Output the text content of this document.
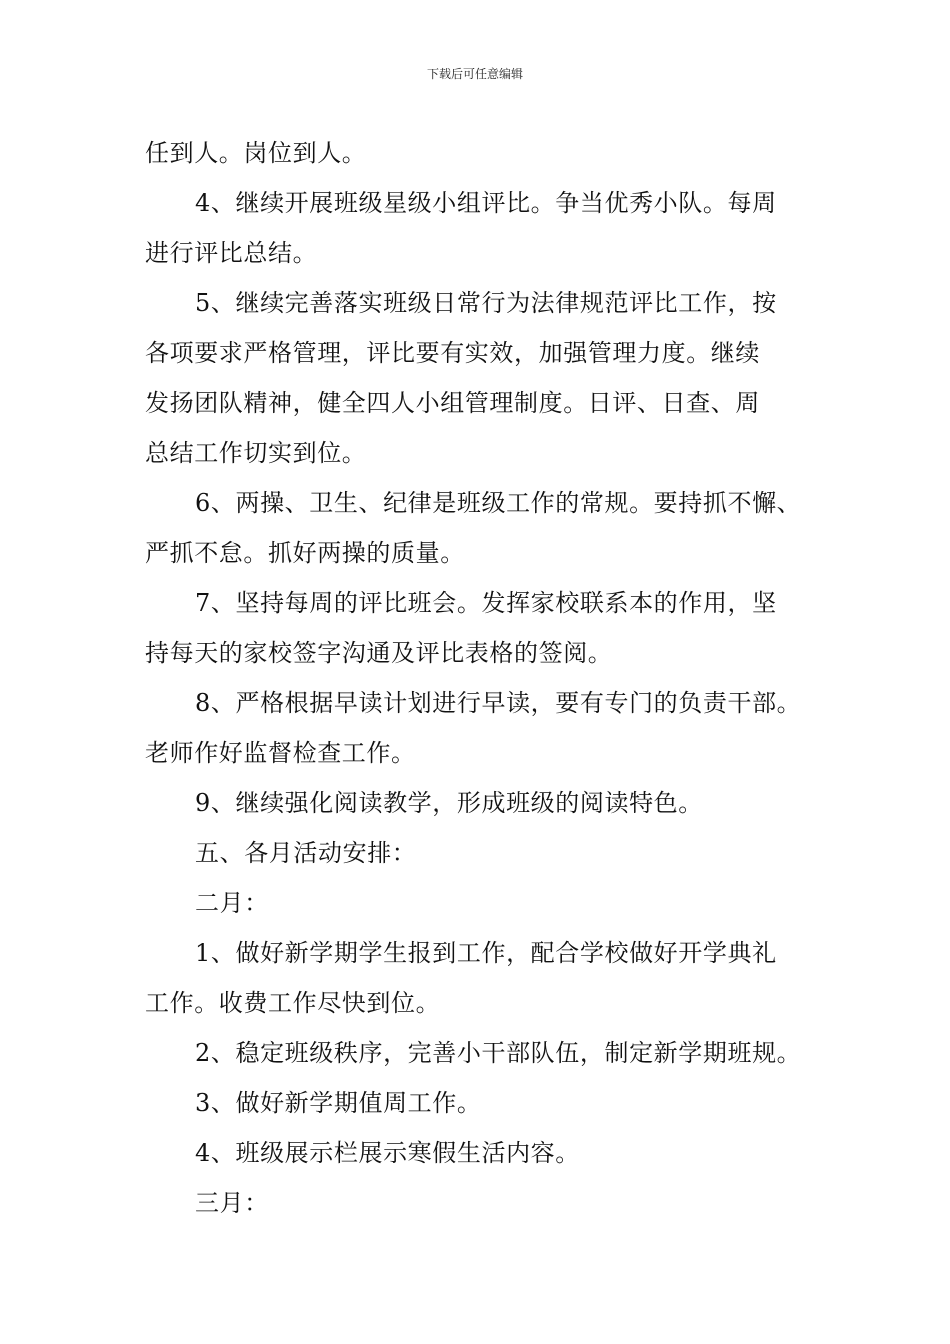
下载后可任意编辑
任到人。岗位到人。
4、继续开展班级星级小组评比。争当优秀小队。每周
进行评比总结。
5、继续完善落实班级日常行为法律规范评比工作，按
各项要求严格管理，评比要有实效，加强管理力度。继续
发扬团队精神，健全四人小组管理制度。日评、日查、周
总结工作切实到位。
6、两操、卫生、纪律是班级工作的常规。要持抓不懈、
严抓不怠。抓好两操的质量。
7、坚持每周的评比班会。发挥家校联系本的作用，坚
持每天的家校签字沟通及评比表格的签阅。
8、严格根据早读计划进行早读，要有专门的负责干部。
老师作好监督检查工作。
9、继续强化阅读教学，形成班级的阅读特色。
五、各月活动安排：
二月：
1、做好新学期学生报到工作，配合学校做好开学典礼
工作。收费工作尽快到位。
2、稳定班级秩序，完善小干部队伍，制定新学期班规。
3、做好新学期值周工作。
4、班级展示栏展示寒假生活内容。
三月：
